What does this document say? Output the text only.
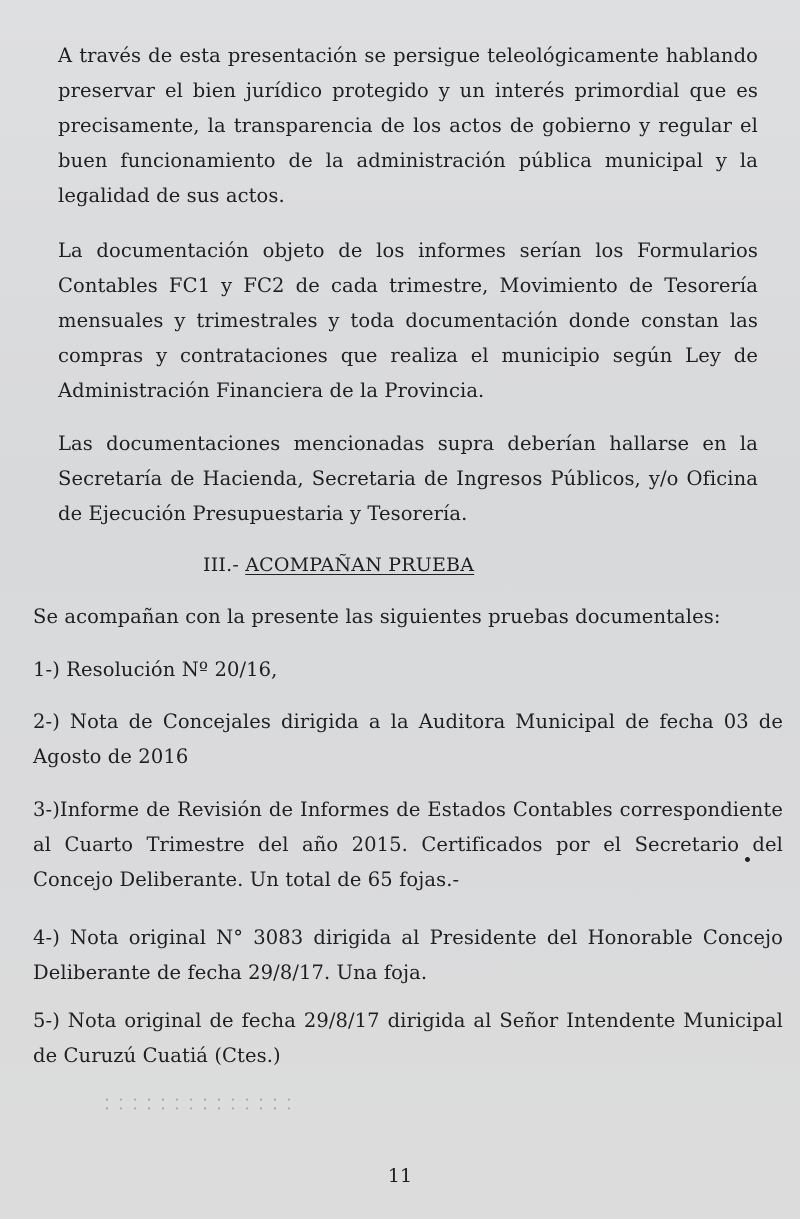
A través de esta presentación se persigue teleológicamente hablando preservar el bien jurídico protegido y un interés primordial que es precisamente, la transparencia de los actos de gobierno y regular el buen funcionamiento de la administración pública municipal y la legalidad de sus actos.

La documentación objeto de los informes serían los Formularios Contables FC1 y FC2 de cada trimestre, Movimiento de Tesorería mensuales y trimestrales y toda documentación donde constan las compras y contrataciones que realiza el municipio según Ley de Administración Financiera de la Provincia.

Las documentaciones mencionadas supra deberían hallarse en la Secretaría de Hacienda, Secretaria de Ingresos Públicos, y/o Oficina de Ejecución Presupuestaria y Tesorería.

III.- ACOMPAÑAN PRUEBA

Se acompañan con la presente las siguientes pruebas documentales:

1-) Resolución Nº 20/16,

2-) Nota de Concejales dirigida a la Auditora Municipal de fecha 03 de Agosto de 2016

3-)Informe de Revisión de Informes de Estados Contables correspondiente al Cuarto Trimestre del año 2015. Certificados por el Secretario del Concejo Deliberante. Un total de 65 fojas.-

4-) Nota original N° 3083 dirigida al Presidente del Honorable Concejo Deliberante de fecha 29/8/17. Una foja.

5-) Nota original de fecha 29/8/17 dirigida al Señor Intendente Municipal de Curuzú Cuatiá (Ctes.)

11
